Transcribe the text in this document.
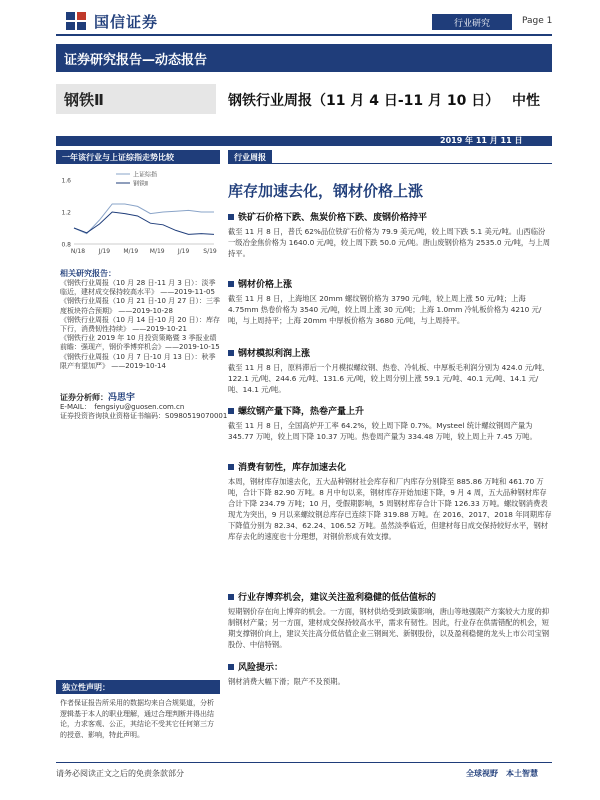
国信证券	行业研究	Page 1
证券研究报告—动态报告
钢铁Ⅱ	钢铁行业周报（11 月 4 日-11 月 10 日） 中性
2019 年 11 月 11 日
一年该行业与上证综指走势比较
1.6
1.2
0.8
N/18 J/19 M/19 M/19 J/19 S/19
上证综指
钢铁Ⅱ
相关研究报告：
《钢铁行业周报（10 月 28 日-11 月 3 日）：淡季临近，建材成交保持较高水平》 ——2019-11-05
《钢铁行业周报（10 月 21 日-10 月 27 日）：三季度板块符合预期》 ——2019-10-28
《钢铁行业周报（10 月 14 日-10 月 20 日）：库存下行，消费韧性持续》 ——2019-10-21
《钢铁行业 2019 年 10 月投资策略暨 3 季报业绩前瞻：强现产，钢价季博弈机会》——2019-10-15
《钢铁行业周报（10 月 7 日-10 月 13 日）：秋季限产有望加严》 ——2019-10-14
证券分析师：冯思宇
E-MAIL：　fengsiyu@guosen.com.cn
证券投资咨询执业资格证书编码：S0980519070001
独立性声明：
作者保证报告所采用的数据均来自合规渠道，分析逻辑基于本人的职业理解，通过合理判断并得出结论，力求客观、公正，其结论不受其它任何第三方的授意、影响，特此声明。
行业周报
库存加速去化，钢材价格上涨
铁矿石价格下跌、焦炭价格下跌、废钢价格持平
截至 11 月 8 日，普氏 62%品位铁矿石价格为 79.9 美元/吨，较上周下跌 5.1 美元/吨。山西临汾一级冶金焦价格为 1640.0 元/吨，较上周下跌 50.0 元/吨。唐山废钢价格为 2535.0 元/吨，与上周持平。
钢材价格上涨
截至 11 月 8 日，上海地区 20mm 螺纹钢价格为 3790 元/吨，较上周上涨 50 元/吨；上海 4.75mm 热卷价格为 3540 元/吨，较上周上涨 30 元/吨；上海 1.0mm 冷轧板价格为 4210 元/吨，与上周持平；上海 20mm 中厚板价格为 3680 元/吨，与上周持平。
钢材模拟利润上涨
截至 11 月 8 日，原料滞后一个月模拟螺纹钢、热卷、冷轧板、中厚板毛利润分别为 424.0 元/吨、122.1 元/吨、244.6 元/吨、131.6 元/吨，较上周分别上涨 59.1 元/吨、40.1 元/吨、14.1 元/吨、14.1 元/吨。
螺纹钢产量下降，热卷产量上升
截至 11 月 8 日，全国高炉开工率 64.2%，较上周下降 0.7%。Mysteel 统计螺纹钢周产量为 345.77 万吨，较上周下降 10.37 万吨。热卷周产量为 334.48 万吨，较上周上升 7.45 万吨。
消费有韧性，库存加速去化
本周，钢材库存加速去化，五大品种钢材社会库存和厂内库存分别降至 885.86 万吨和 461.70 万吨，合计下降 82.90 万吨。8 月中旬以来，钢材库存开始加速下降，9 月 4 周，五大品种钢材库存合计下降 234.79 万吨；10 月，受假期影响，5 周钢材库存合计下降 126.33 万吨。螺纹钢消费表现尤为突出，9 月以来螺纹钢总库存已连续下降 319.88 万吨。在 2016、2017、2018 年同期库存下降值分别为 82.34、62.24、106.52 万吨。虽然淡季临近，但建材每日成交保持较好水平，钢材库存去化的速度也十分理想，对钢价形成有效支撑。
行业存博弈机会，建议关注盈利稳健的低估值标的
短期钢价存在向上博弈的机会。一方面，钢材供给受到政策影响，唐山等地强限产方案较大力度的抑制钢材产量；另一方面，建材成交保持较高水平，需求有韧性。因此，行业存在供需错配的机会，短期支撑钢价向上，建议关注高分低估值企业三钢闽光、新钢股份，以及盈利稳健的龙头上市公司宝钢股份、中信特钢。
风险提示：
钢材消费大幅下滑；限产不及预期。
请务必阅读正文之后的免责条款部分	全球视野　本土智慧
